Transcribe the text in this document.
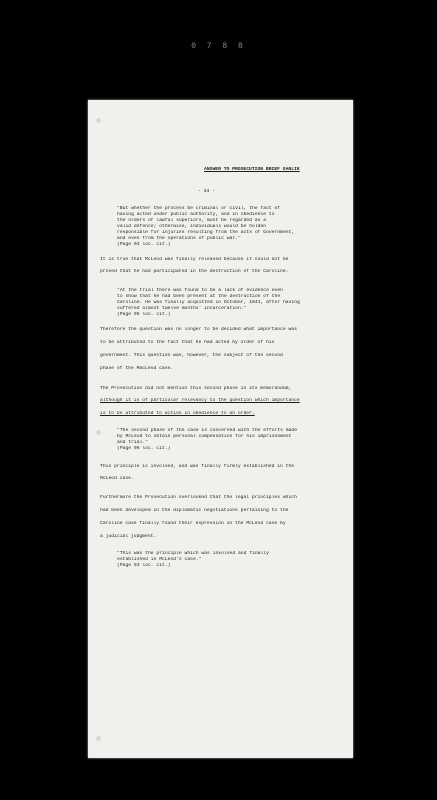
0 7 8 8
ANSWER TO PROSECUTION BRIEF GANLIK
- 34 -
"But whether the process be criminal or civil, the fact of
having acted under public authority, and in obedience to
the orders of lawful superiors, must be regarded as a
valid defence; otherwise, individuals would be holden
responsible for injuries resulting from the acts of Government,
and even from the operations of public war."
(Page 94 loc. cit.)
It is true that McLeod was finally released because it could not be
proved that he had participated in the destruction of the Caroline.
"At the trial there was found to be a lack of evidence even
to show that he had been present at the destruction of the
Caroline. He was finally acquitted in October, 1841, after having
suffered almost twelve months' incarceration."
(Page 95 loc. cit.)
Therefore the question was no longer to be decided what importance was
to be attributed to the fact that he had acted by order of his
government. This question was, however, the subject of the second
phase of the MacLeod case.
The Prosecution did not mention this second phase in its memorandum,
although it is of particular relevancy to the question which importance
is to be attributed to action in obedience to an order.
"The second phase of the case is concerned with the efforts made
by McLeod to obtain personal compensation for his imprisonment
and trial."
(Page 96 loc. cit.)
This principle is involved, and was finally firmly established in the
McLeod case.
Furthermore the Prosecution overlooked that the legal principles which
had been developed in the diplomatic negotiations pertaining to the
Caroline case finally found their expression in the McLeod case by
a judicial judgment.
"This was the principle which was involved and finally
established in McLeod's case."
(Page 93 loc. cit.)
